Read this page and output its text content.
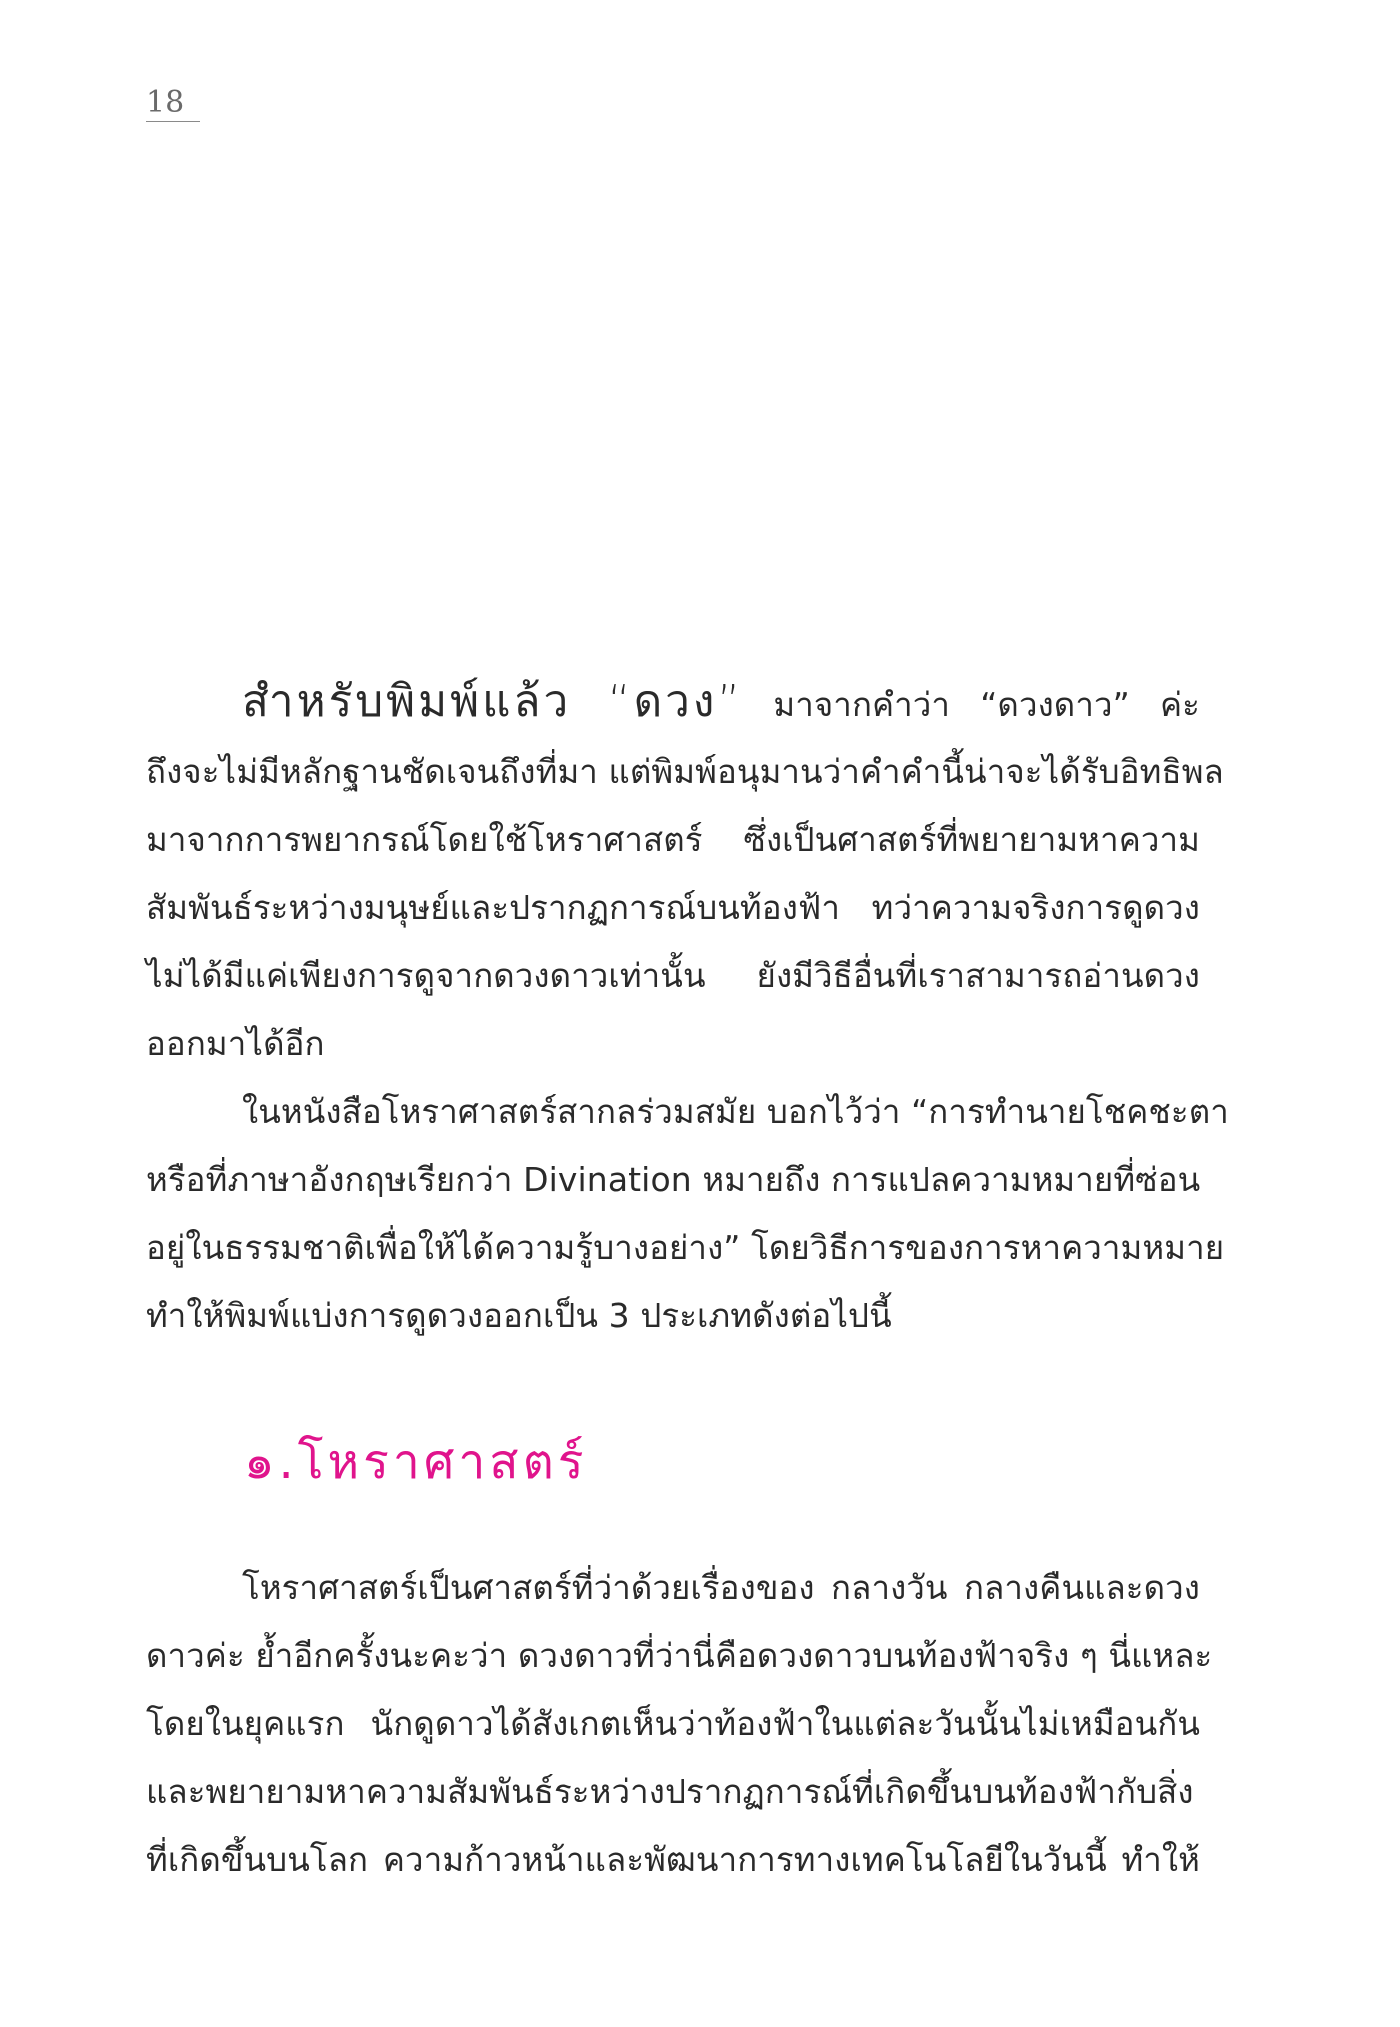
18
สำหรับพิมพ์แล้ว “ดวง” มาจากคำว่า “ดวงดาว” ค่ะ
ถึงจะไม่มีหลักฐานชัดเจนถึงที่มา แต่พิมพ์อนุมานว่าคำคำนี้น่าจะได้รับอิทธิพล
มาจากการพยากรณ์โดยใช้โหราศาสตร์ ซึ่งเป็นศาสตร์ที่พยายามหาความ
สัมพันธ์ระหว่างมนุษย์และปรากฏการณ์บนท้องฟ้า ทว่าความจริงการดูดวง
ไม่ได้มีแค่เพียงการดูจากดวงดาวเท่านั้น ยังมีวิธีอื่นที่เราสามารถอ่านดวง
ออกมาได้อีก
ในหนังสือโหราศาสตร์สากลร่วมสมัย บอกไว้ว่า “การทำนายโชคชะตา
หรือที่ภาษาอังกฤษเรียกว่า Divination หมายถึง การแปลความหมายที่ซ่อน
อยู่ในธรรมชาติเพื่อให้ได้ความรู้บางอย่าง” โดยวิธีการของการหาความหมาย
ทำให้พิมพ์แบ่งการดูดวงออกเป็น 3 ประเภทดังต่อไปนี้
๑.โหราศาสตร์
โหราศาสตร์เป็นศาสตร์ที่ว่าด้วยเรื่องของ กลางวัน กลางคืนและดวง
ดาวค่ะ ย้ำอีกครั้งนะคะว่า ดวงดาวที่ว่านี่คือดวงดาวบนท้องฟ้าจริง ๆ นี่แหละ
โดยในยุคแรก นักดูดาวได้สังเกตเห็นว่าท้องฟ้าในแต่ละวันนั้นไม่เหมือนกัน
และพยายามหาความสัมพันธ์ระหว่างปรากฏการณ์ที่เกิดขึ้นบนท้องฟ้ากับสิ่ง
ที่เกิดขึ้นบนโลก ความก้าวหน้าและพัฒนาการทางเทคโนโลยีในวันนี้ ทำให้
